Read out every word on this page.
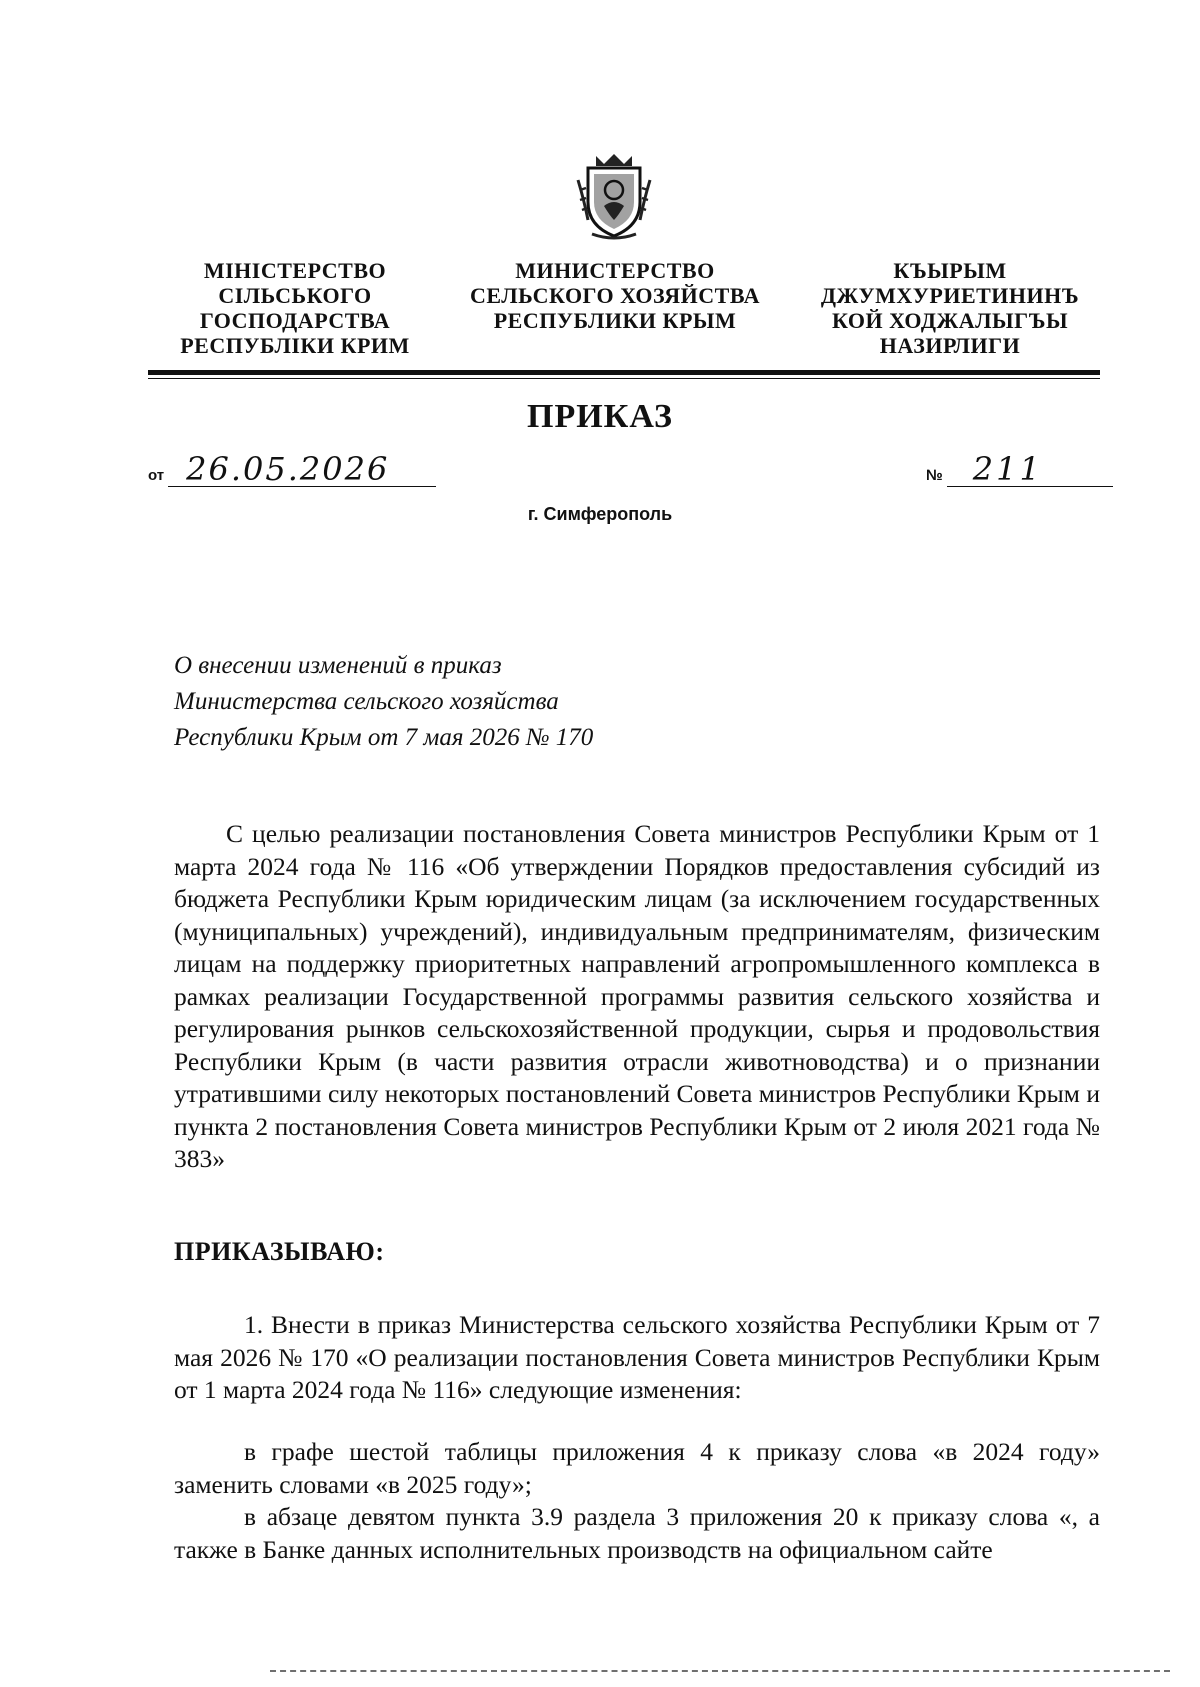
МІНІСТЕРСТВО
СІЛЬСЬКОГО
ГОСПОДАРСТВА
РЕСПУБЛІКИ КРИМ
МИНИСТЕРСТВО
СЕЛЬСКОГО ХОЗЯЙСТВА
РЕСПУБЛИКИ КРЫМ
КЪЫРЫМ
ДЖУМХУРИЕТИНИНЪ
КОЙ ХОДЖАЛЫГЪЫ
НАЗИРЛИГИ
ПРИКАЗ
от 26.05.2026	№ 211
г. Симферополь
О внесении изменений в приказ
Министерства сельского хозяйства
Республики Крым от 7 мая 2026 № 170
С целью реализации постановления Совета министров Республики Крым от 1 марта 2024 года № 116 «Об утверждении Порядков предоставления субсидий из бюджета Республики Крым юридическим лицам (за исключением государственных (муниципальных) учреждений), индивидуальным предпринимателям, физическим лицам на поддержку приоритетных направлений агропромышленного комплекса в рамках реализации Государственной программы развития сельского хозяйства и регулирования рынков сельскохозяйственной продукции, сырья и продовольствия Республики Крым (в части развития отрасли животноводства) и о признании утратившими силу некоторых постановлений Совета министров Республики Крым и пункта 2 постановления Совета министров Республики Крым от 2 июля 2021 года № 383»
ПРИКАЗЫВАЮ:
1. Внести в приказ Министерства сельского хозяйства Республики Крым от 7 мая 2026 № 170 «О реализации постановления Совета министров Республики Крым от 1 марта 2024 года № 116» следующие изменения:
в графе шестой таблицы приложения 4 к приказу слова «в 2024 году» заменить словами «в 2025 году»;
в абзаце девятом пункта 3.9 раздела 3 приложения 20 к приказу слова «, а также в Банке данных исполнительных производств на официальном сайте
